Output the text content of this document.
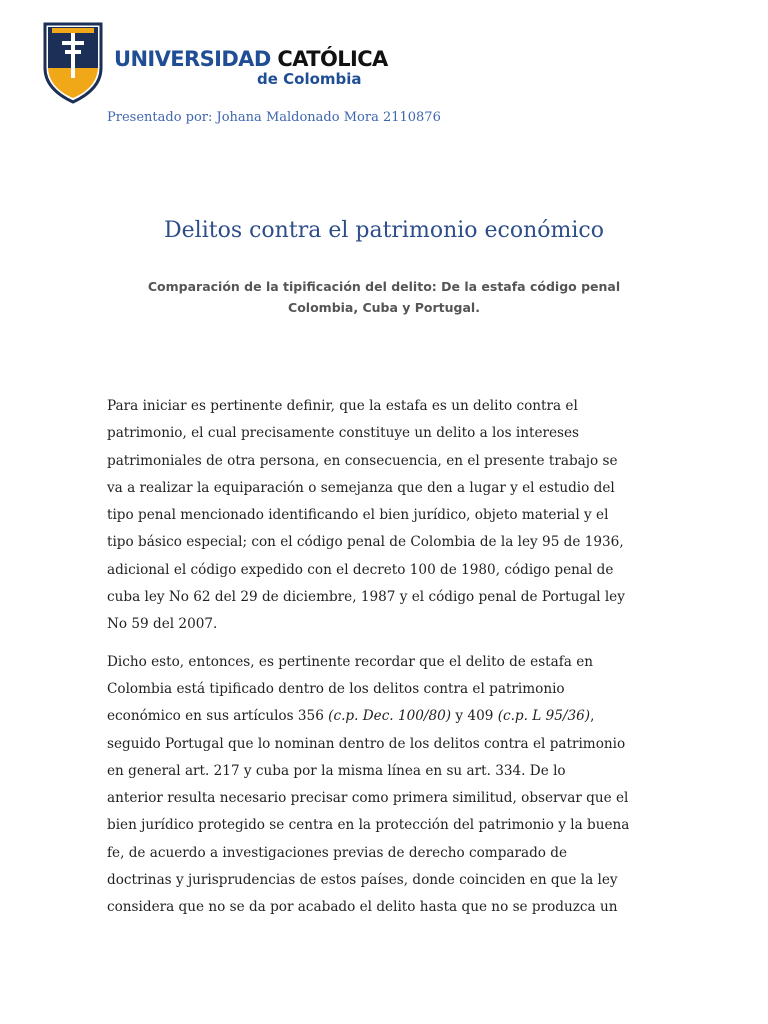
UNIVERSIDAD CATÓLICA
de Colombia
Presentado por: Johana Maldonado Mora 2110876
Delitos contra el patrimonio económico
Comparación de la tipificación del delito: De la estafa código penal
Colombia, Cuba y Portugal.

Para iniciar es pertinente definir, que la estafa es un delito contra el
patrimonio, el cual precisamente constituye un delito a los intereses
patrimoniales de otra persona, en consecuencia, en el presente trabajo se
va a realizar la equiparación o semejanza que den a lugar y el estudio del
tipo penal mencionado identificando el bien jurídico, objeto material y el
tipo básico especial; con el código penal de Colombia de la ley 95 de 1936,
adicional el código expedido con el decreto 100 de 1980, código penal de
cuba ley No 62 del 29 de diciembre, 1987 y el código penal de Portugal ley
No 59 del 2007.

Dicho esto, entonces, es pertinente recordar que el delito de estafa en
Colombia está tipificado dentro de los delitos contra el patrimonio
económico en sus artículos 356 (c.p. Dec. 100/80) y 409 (c.p. L 95/36),
seguido Portugal que lo nominan dentro de los delitos contra el patrimonio
en general art. 217 y cuba por la misma línea en su art. 334. De lo
anterior resulta necesario precisar como primera similitud, observar que el
bien jurídico protegido se centra en la protección del patrimonio y la buena
fe, de acuerdo a investigaciones previas de derecho comparado de
doctrinas y jurisprudencias de estos países, donde coinciden en que la ley
considera que no se da por acabado el delito hasta que no se produzca un
